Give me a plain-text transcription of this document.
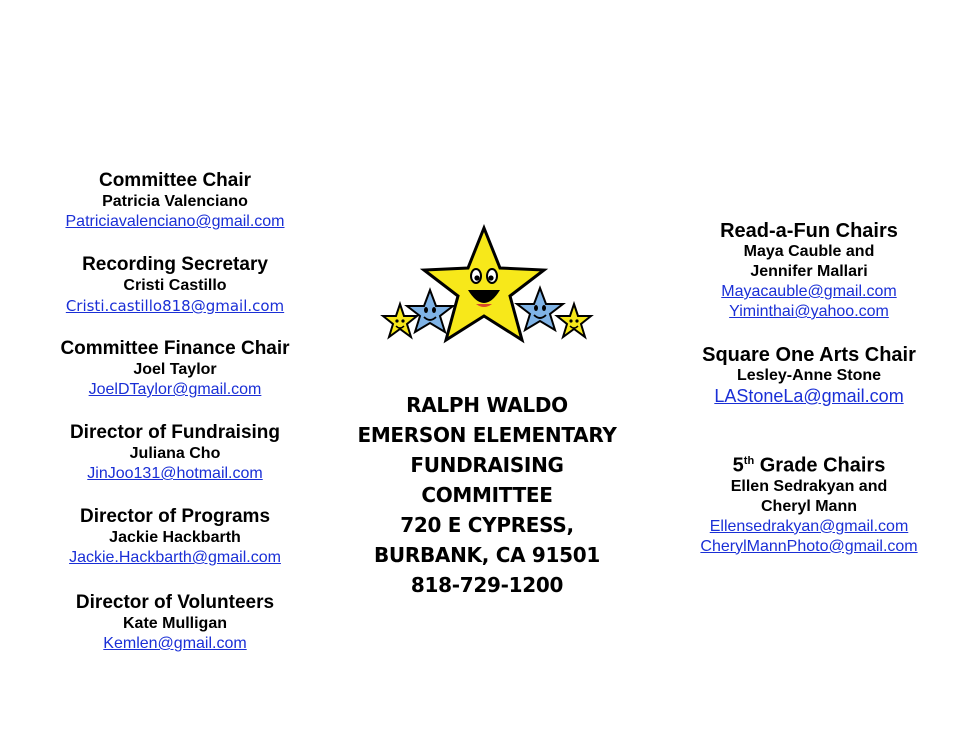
Committee Chair
Patricia Valenciano
Patriciavalenciano@gmail.com
Recording Secretary
Cristi Castillo
Cristi.castillo818@gmail.com
Committee Finance Chair
Joel Taylor
JoelDTaylor@gmail.com
Director of Fundraising
Juliana Cho
JinJoo131@hotmail.com
Director of Programs
Jackie Hackbarth
Jackie.Hackbarth@gmail.com
Director of Volunteers
Kate Mulligan
Kemlen@gmail.com
RALPH WALDO
EMERSON ELEMENTARY
FUNDRAISING
COMMITTEE
720 E CYPRESS,
BURBANK, CA 91501
818-729-1200
Read-a-Fun Chairs
Maya Cauble and
Jennifer Mallari
Mayacauble@gmail.com
Yiminthai@yahoo.com
Square One Arts Chair
Lesley-Anne Stone
LAStoneLa@gmail.com
5th Grade Chairs
Ellen Sedrakyan and
Cheryl Mann
Ellensedrakyan@gmail.com
CherylMannPhoto@gmail.com
